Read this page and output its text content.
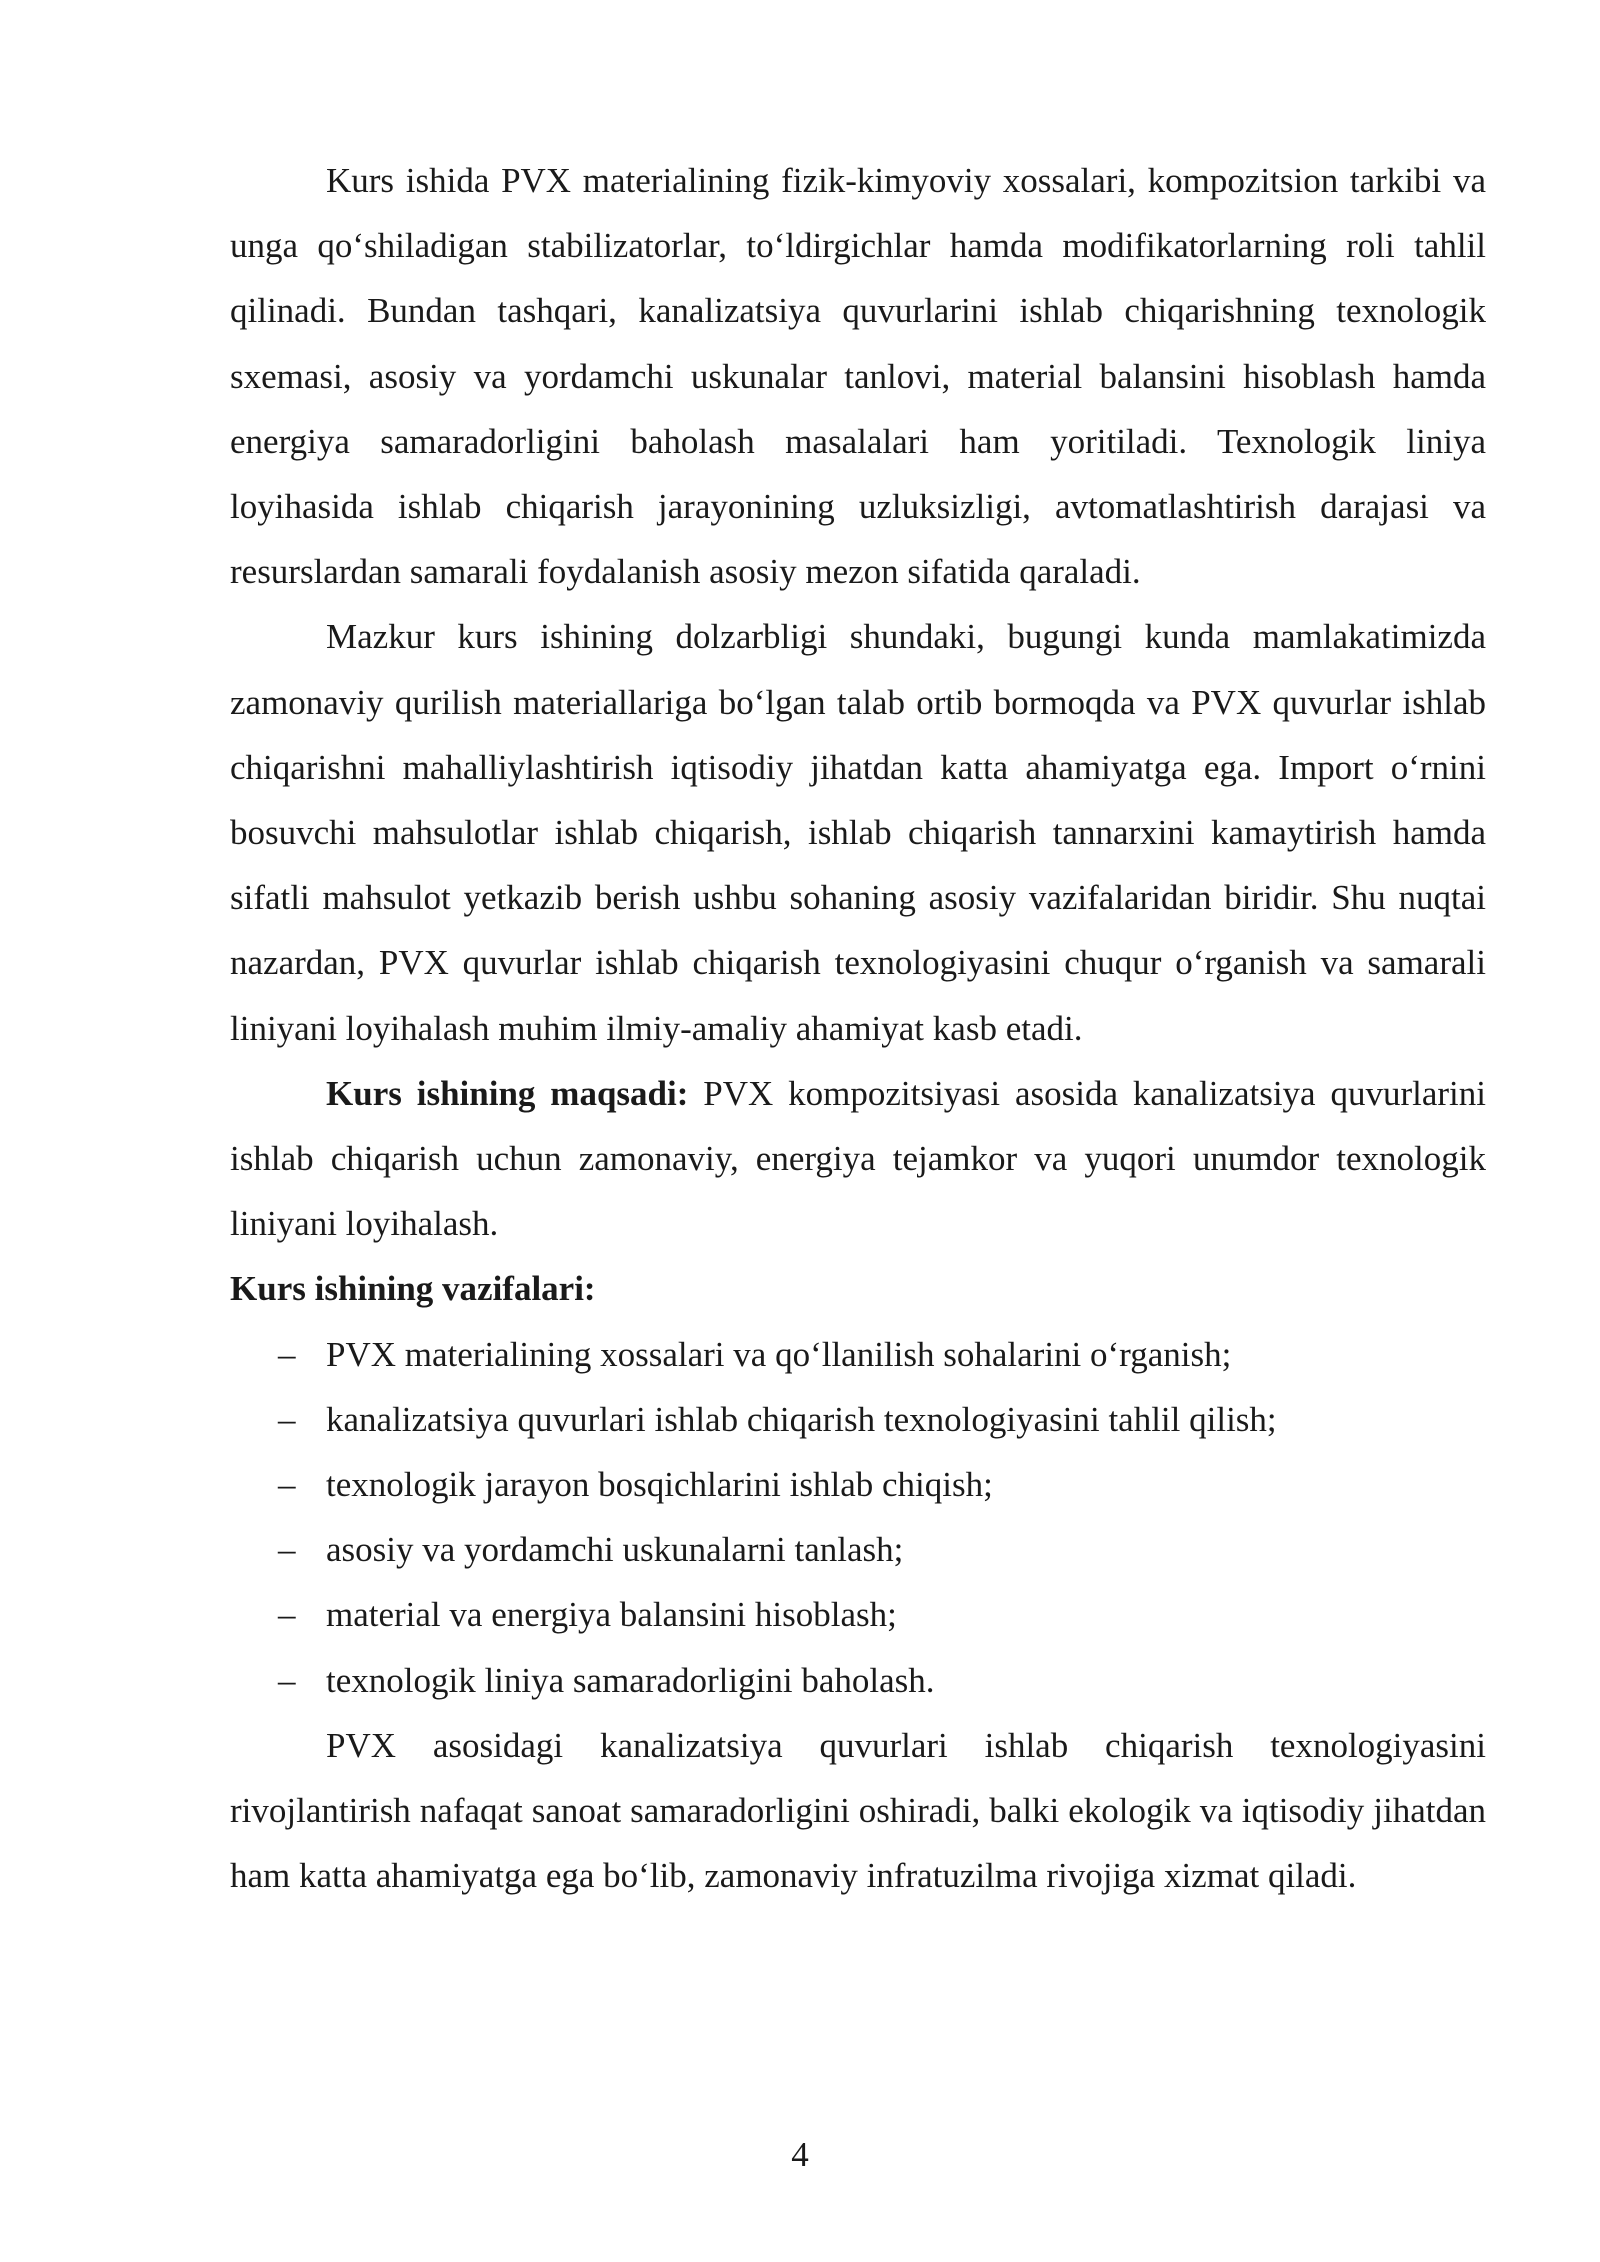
Kurs ishida PVX materialining fizik-kimyoviy xossalari, kompozitsion tarkibi va unga qo‘shiladigan stabilizatorlar, to‘ldirgichlar hamda modifikatorlarning roli tahlil qilinadi. Bundan tashqari, kanalizatsiya quvurlarini ishlab chiqarishning texnologik sxemasi, asosiy va yordamchi uskunalar tanlovi, material balansini hisoblash hamda energiya samaradorligini baholash masalalari ham yoritiladi. Texnologik liniya loyihasida ishlab chiqarish jarayonining uzluksizligi, avtomatlashtirish darajasi va resurslardan samarali foydalanish asosiy mezon sifatida qaraladi.

Mazkur kurs ishining dolzarbligi shundaki, bugungi kunda mamlakatimizda zamonaviy qurilish materiallariga bo‘lgan talab ortib bormoqda va PVX quvurlar ishlab chiqarishni mahalliylashtirish iqtisodiy jihatdan katta ahamiyatga ega. Import o‘rnini bosuvchi mahsulotlar ishlab chiqarish, ishlab chiqarish tannarxini kamaytirish hamda sifatli mahsulot yetkazib berish ushbu sohaning asosiy vazifalaridan biridir. Shu nuqtai nazardan, PVX quvurlar ishlab chiqarish texnologiyasini chuqur o‘rganish va samarali liniyani loyihalash muhim ilmiy-amaliy ahamiyat kasb etadi.

Kurs ishining maqsadi: PVX kompozitsiyasi asosida kanalizatsiya quvurlarini ishlab chiqarish uchun zamonaviy, energiya tejamkor va yuqori unumdor texnologik liniyani loyihalash.

Kurs ishining vazifalari:
– PVX materialining xossalari va qo‘llanilish sohalarini o‘rganish;
– kanalizatsiya quvurlari ishlab chiqarish texnologiyasini tahlil qilish;
– texnologik jarayon bosqichlarini ishlab chiqish;
– asosiy va yordamchi uskunalarni tanlash;
– material va energiya balansini hisoblash;
– texnologik liniya samaradorligini baholash.

PVX asosidagi kanalizatsiya quvurlari ishlab chiqarish texnologiyasini rivojlantirish nafaqat sanoat samaradorligini oshiradi, balki ekologik va iqtisodiy jihatdan ham katta ahamiyatga ega bo‘lib, zamonaviy infratuzilma rivojiga xizmat qiladi.

4
